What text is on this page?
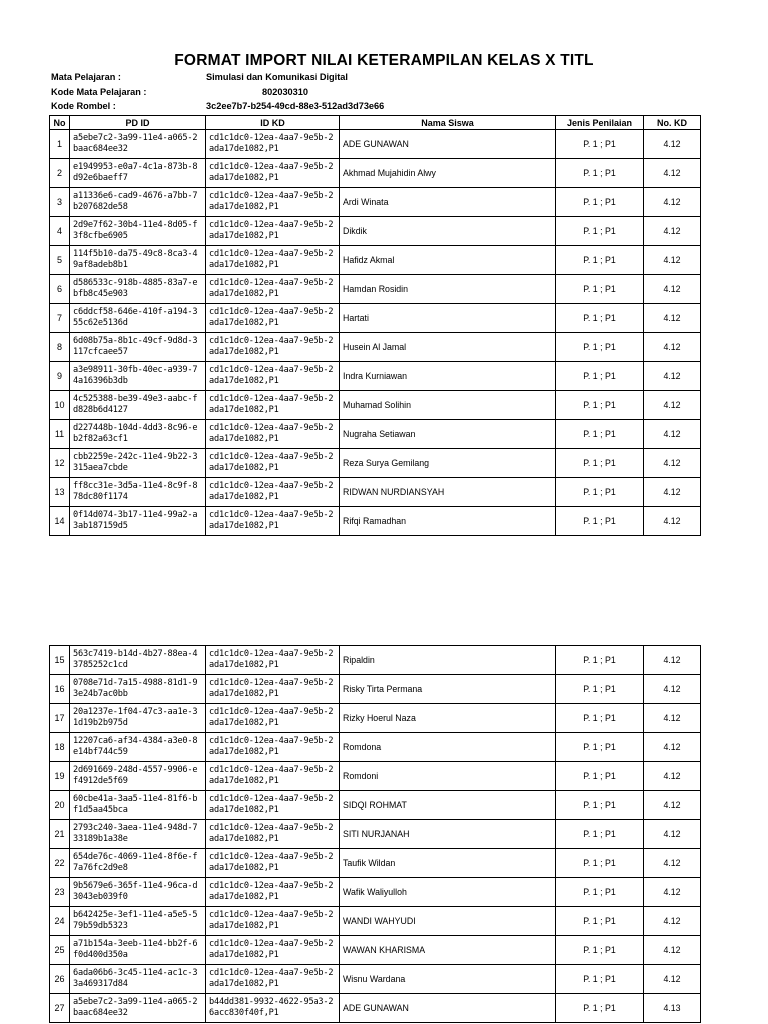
FORMAT IMPORT NILAI KETERAMPILAN KELAS X TITL
Mata Pelajaran :	Simulasi dan Komunikasi Digital
Kode Mata Pelajaran :	802030310
Kode Rombel :	3c2ee7b7-b254-49cd-88e3-512ad3d73e66
No	PD ID	ID KD	Nama Siswa	Jenis Penilaian	No. KD
1	a5ebe7c2-3a99-11e4-a065-2baac684ee32	cd1c1dc0-12ea-4aa7-9e5b-2ada17de1082,P1	ADE GUNAWAN	P. 1 ; P1	4.12
2	e1949953-e0a7-4c1a-873b-8d92e6baeff7	cd1c1dc0-12ea-4aa7-9e5b-2ada17de1082,P1	Akhmad Mujahidin Alwy	P. 1 ; P1	4.12
3	a11336e6-cad9-4676-a7bb-7b207682de58	cd1c1dc0-12ea-4aa7-9e5b-2ada17de1082,P1	Ardi Winata	P. 1 ; P1	4.12
4	2d9e7f62-30b4-11e4-8d05-f3f8cfbe6905	cd1c1dc0-12ea-4aa7-9e5b-2ada17de1082,P1	Dikdik	P. 1 ; P1	4.12
5	114f5b10-da75-49c8-8ca3-49af8adeb8b1	cd1c1dc0-12ea-4aa7-9e5b-2ada17de1082,P1	Hafidz Akmal	P. 1 ; P1	4.12
6	d586533c-918b-4885-83a7-ebfb8c45e903	cd1c1dc0-12ea-4aa7-9e5b-2ada17de1082,P1	Hamdan Rosidin	P. 1 ; P1	4.12
7	c6ddcf58-646e-410f-a194-355c62e5136d	cd1c1dc0-12ea-4aa7-9e5b-2ada17de1082,P1	Hartati	P. 1 ; P1	4.12
8	6d08b75a-8b1c-49cf-9d8d-3117cfcaee57	cd1c1dc0-12ea-4aa7-9e5b-2ada17de1082,P1	Husein Al Jamal	P. 1 ; P1	4.12
9	a3e98911-30fb-40ec-a939-74a16396b3db	cd1c1dc0-12ea-4aa7-9e5b-2ada17de1082,P1	Indra Kurniawan	P. 1 ; P1	4.12
10	4c525388-be39-49e3-aabc-fd828b6d4127	cd1c1dc0-12ea-4aa7-9e5b-2ada17de1082,P1	Muhamad Solihin	P. 1 ; P1	4.12
11	d227448b-104d-4dd3-8c96-eb2f82a63cf1	cd1c1dc0-12ea-4aa7-9e5b-2ada17de1082,P1	Nugraha Setiawan	P. 1 ; P1	4.12
12	cbb2259e-242c-11e4-9b22-3315aea7cbde	cd1c1dc0-12ea-4aa7-9e5b-2ada17de1082,P1	Reza Surya Gemilang	P. 1 ; P1	4.12
13	ff8cc31e-3d5a-11e4-8c9f-878dc80f1174	cd1c1dc0-12ea-4aa7-9e5b-2ada17de1082,P1	RIDWAN NURDIANSYAH	P. 1 ; P1	4.12
14	0f14d074-3b17-11e4-99a2-a3ab187159d5	cd1c1dc0-12ea-4aa7-9e5b-2ada17de1082,P1	Rifqi Ramadhan	P. 1 ; P1	4.12
15	563c7419-b14d-4b27-88ea-43785252c1cd	cd1c1dc0-12ea-4aa7-9e5b-2ada17de1082,P1	Ripaldin	P. 1 ; P1	4.12
16	0708e71d-7a15-4988-81d1-93e24b7ac0bb	cd1c1dc0-12ea-4aa7-9e5b-2ada17de1082,P1	Risky Tirta Permana	P. 1 ; P1	4.12
17	20a1237e-1f04-47c3-aa1e-31d19b2b975d	cd1c1dc0-12ea-4aa7-9e5b-2ada17de1082,P1	Rizky Hoerul Naza	P. 1 ; P1	4.12
18	12207ca6-af34-4384-a3e0-8e14bf744c59	cd1c1dc0-12ea-4aa7-9e5b-2ada17de1082,P1	Romdona	P. 1 ; P1	4.12
19	2d691669-248d-4557-9906-ef4912de5f69	cd1c1dc0-12ea-4aa7-9e5b-2ada17de1082,P1	Romdoni	P. 1 ; P1	4.12
20	60cbe41a-3aa5-11e4-81f6-bf1d5aa45bca	cd1c1dc0-12ea-4aa7-9e5b-2ada17de1082,P1	SIDQI ROHMAT	P. 1 ; P1	4.12
21	2793c240-3aea-11e4-948d-733189b1a38e	cd1c1dc0-12ea-4aa7-9e5b-2ada17de1082,P1	SITI NURJANAH	P. 1 ; P1	4.12
22	654de76c-4069-11e4-8f6e-f7a76fc2d9e8	cd1c1dc0-12ea-4aa7-9e5b-2ada17de1082,P1	Taufik Wildan	P. 1 ; P1	4.12
23	9b5679e6-365f-11e4-96ca-d3043eb039f0	cd1c1dc0-12ea-4aa7-9e5b-2ada17de1082,P1	Wafik Waliyulloh	P. 1 ; P1	4.12
24	b642425e-3ef1-11e4-a5e5-579b59db5323	cd1c1dc0-12ea-4aa7-9e5b-2ada17de1082,P1	WANDI WAHYUDI	P. 1 ; P1	4.12
25	a71b154a-3eeb-11e4-bb2f-6f0d400d350a	cd1c1dc0-12ea-4aa7-9e5b-2ada17de1082,P1	WAWAN KHARISMA	P. 1 ; P1	4.12
26	6ada06b6-3c45-11e4-ac1c-33a469317d84	cd1c1dc0-12ea-4aa7-9e5b-2ada17de1082,P1	Wisnu Wardana	P. 1 ; P1	4.12
27	a5ebe7c2-3a99-11e4-a065-2baac684ee32	b44dd381-9932-4622-95a3-26acc830f40f,P1	ADE GUNAWAN	P. 1 ; P1	4.13
